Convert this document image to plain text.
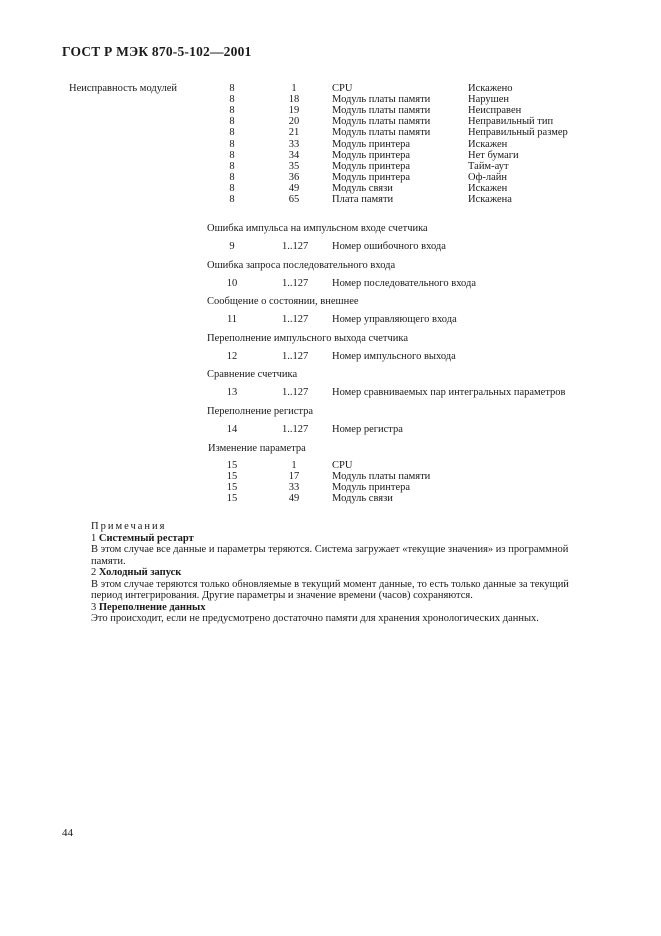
ГОСТ Р МЭК 870-5-102—2001
Неисправность модулей	8	1	CPU	Искажено
8	18	Модуль платы памяти	Нарушен
8	19	Модуль платы памяти	Неисправен
8	20	Модуль платы памяти	Неправильный тип
8	21	Модуль платы памяти	Неправильный размер
8	33	Модуль принтера	Искажен
8	34	Модуль принтера	Нет бумаги
8	35	Модуль принтера	Тайм-аут
8	36	Модуль принтера	Оф-лайн
8	49	Модуль связи	Искажен
8	65	Плата памяти	Искажена
Ошибка импульса на импульсном входе счетчика
9	1..127	Номер ошибочного входа
Ошибка запроса последовательного входа
10	1..127	Номер последовательного входа
Сообщение о состоянии, внешнее
11	1..127	Номер управляющего входа
Переполнение импульсного выхода счетчика
12	1..127	Номер импульсного выхода
Сравнение счетчика
13	1..127	Номер сравниваемых пар интегральных параметров
Переполнение регистра
14	1..127	Номер регистра
Изменение параметра
15	1	CPU
15	17	Модуль платы памяти
15	33	Модуль принтера
15	49	Модуль связи
Примечания
1 Системный рестарт
В этом случае все данные и параметры теряются. Система загружает «текущие значения» из программной памяти.
2 Холодный запуск
В этом случае теряются только обновляемые в текущий момент данные, то есть только данные за текущий период интегрирования. Другие параметры и значение времени (часов) сохраняются.
3 Переполнение данных
Это происходит, если не предусмотрено достаточно памяти для хранения хронологических данных.
44
